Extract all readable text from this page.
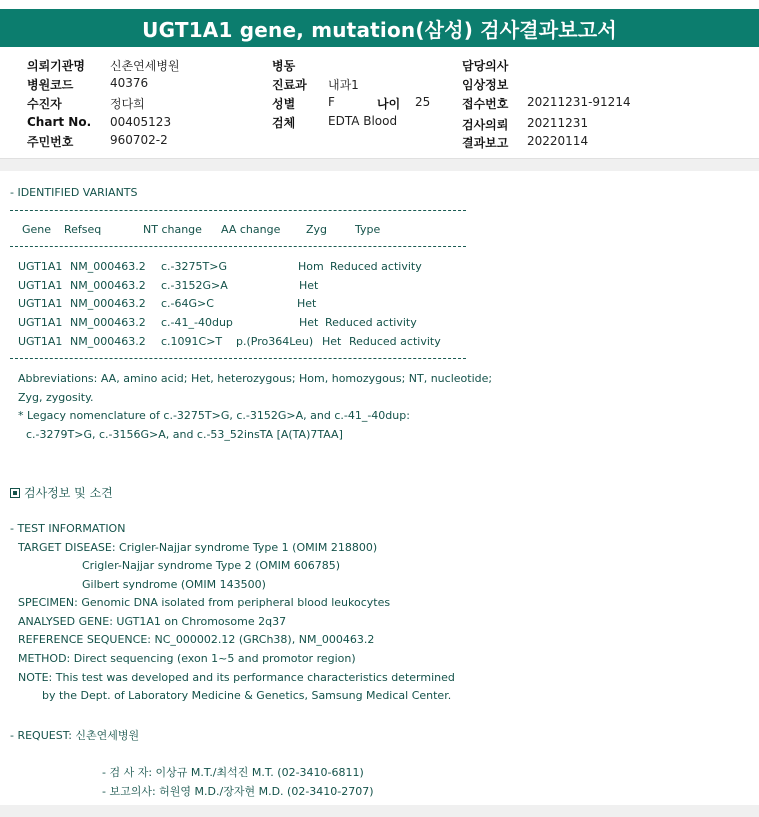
UGT1A1 gene, mutation(삼성) 검사결과보고서
의뢰기관명 신촌연세병원
병원코드	40376
수진자	정다희
Chart No. 00405123
주민번호	960702-2
병동
진료과 내과1
성별	F	나이 25
검체	EDTA Blood
담당의사
임상정보
접수번호 20211231-91214
검사의뢰 20211231
결과보고 20220114
- IDENTIFIED VARIANTS
Gene Refseq	NT change AA change Zyg	Type
UGT1A1 NM_000463.2 c.-3275T>G	Hom Reduced activity
UGT1A1 NM_000463.2 c.-3152G>A	Het
UGT1A1 NM_000463.2 c.-64G>C	Het
UGT1A1 NM_000463.2 c.-41_-40dup	Het Reduced activity
UGT1A1 NM_000463.2 c.1091C>T p.(Pro364Leu) Het Reduced activity
Abbreviations: AA, amino acid; Het, heterozygous; Hom, homozygous; NT, nucleotide;
Zyg, zygosity.
* Legacy nomenclature of c.-3275T>G, c.-3152G>A, and c.-41_-40dup:
c.-3279T>G, c.-3156G>A, and c.-53_52insTA [A(TA)7TAA]
검사정보 및 소견
- TEST INFORMATION
TARGET DISEASE: Crigler-Najjar syndrome Type 1 (OMIM 218800)
Crigler-Najjar syndrome Type 2 (OMIM 606785)
Gilbert syndrome (OMIM 143500)
SPECIMEN: Genomic DNA isolated from peripheral blood leukocytes
ANALYSED GENE: UGT1A1 on Chromosome 2q37
REFERENCE SEQUENCE: NC_000002.12 (GRCh38), NM_000463.2
METHOD: Direct sequencing (exon 1~5 and promotor region)
NOTE: This test was developed and its performance characteristics determined
by the Dept. of Laboratory Medicine & Genetics, Samsung Medical Center.
- REQUEST: 신촌연세병원
- 검 사 자: 이상규 M.T./최석진 M.T. (02-3410-6811)
- 보고의사: 허원영 M.D./장자현 M.D. (02-3410-2707)
